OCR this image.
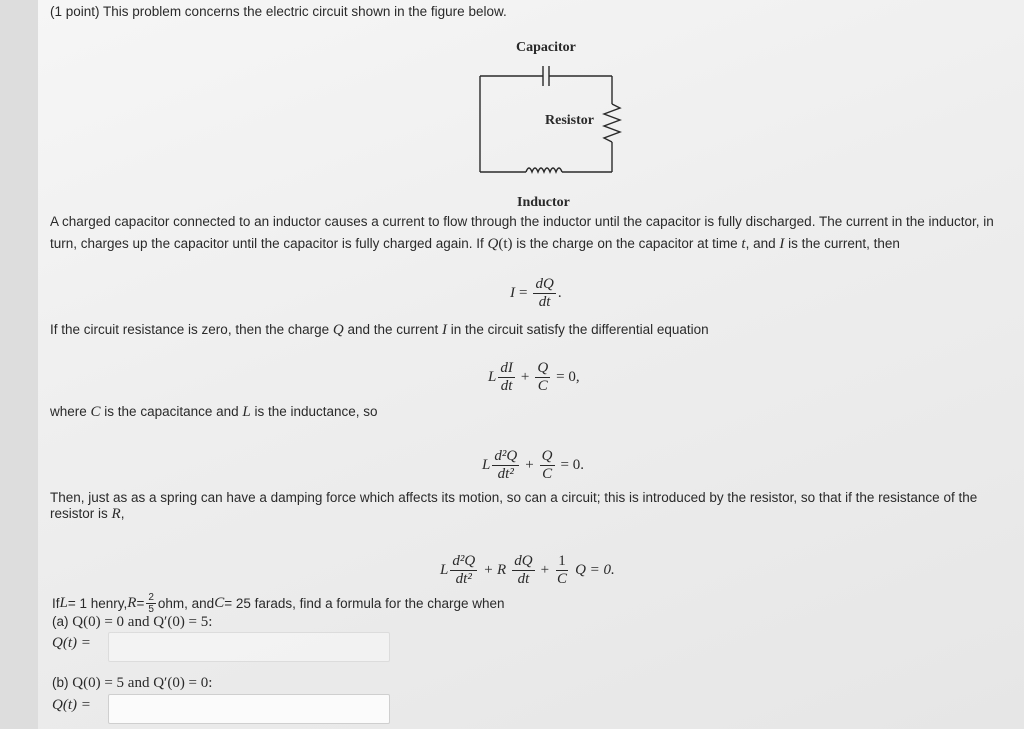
(1 point) This problem concerns the electric circuit shown in the figure below.
Capacitor
Resistor
Inductor
A charged capacitor connected to an inductor causes a current to flow through the inductor until the capacitor is fully discharged. The current in the inductor, in
turn, charges up the capacitor until the capacitor is fully charged again. If Q(t) is the charge on the capacitor at time t, and I is the current, then
$I = \frac{dQ}{dt}$ .
If the circuit resistance is zero, then the charge Q and the current I in the circuit satisfy the differential equation
L $\frac{dI}{dt} + \frac{Q}{C} = 0$,
where C is the capacitance and L is the inductance, so
L $\frac{\text{d²Q}}{\text{dt²}} + \frac{Q}{C} = 0$.
Then, just as as a spring can have a damping force which affects its motion, so can a circuit; this is introduced by the resistor, so that if the resistance of the
resistor is R,
L $\frac{\text{d²Q}}{\text{dt²}} + R \frac{dQ}{dt} + \frac{1}{C}$ Q = 0.
If L = 1 henry, $R = \frac{2}{5}$ ohm, and C = 25 farads, find a formula for the charge when
(a) Q(0) = 0 and Q′(0) = 5:
Q(t) =
(b) Q(0) = 5 and Q′(0) = 0:
Q(t) =
